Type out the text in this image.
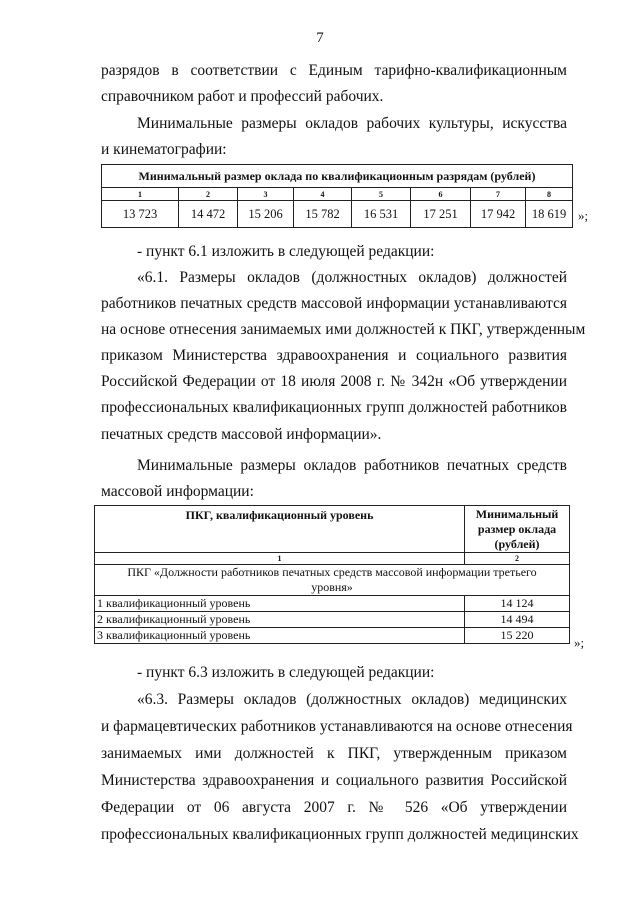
7
разрядов в соответствии с Единым тарифно-квалификационным
справочником работ и профессий рабочих.
Минимальные размеры окладов рабочих культуры, искусства
и кинематографии:
Минимальный размер оклада по квалификационным разрядам (рублей)							
1	2	3	4	5	6	7	8
13 723	14 472	15 206	15 782	16 531	17 251	17 942	18 619 »;
- пункт 6.1 изложить в следующей редакции:
«6.1. Размеры окладов (должностных окладов) должностей
работников печатных средств массовой информации устанавливаются
на основе отнесения занимаемых ими должностей к ПКГ, утвержденным
приказом Министерства здравоохранения и социального развития
Российской Федерации от 18 июля 2008 г. № 342н «Об утверждении
профессиональных квалификационных групп должностей работников
печатных средств массовой информации».
Минимальные размеры окладов работников печатных средств
массовой информации:
ПКГ, квалификационный уровень	Минимальный
размер оклада
(рублей)

1	2

ПКГ «Должности работников печатных средств массовой информации третьего
уровня»	

1 квалификационный уровень	14 124
2 квалификационный уровень	14 494
3 квалификационный уровень	15 220	»;
- пункт 6.3 изложить в следующей редакции:
«6.3. Размеры окладов (должностных окладов) медицинских
и фармацевтических работников устанавливаются на основе отнесения
занимаемых ими должностей к ПКГ, утвержденным приказом
Министерства здравоохранения и социального развития Российской
Федерации от 06 августа 2007 г. № 526 «Об утверждении
профессиональных квалификационных групп должностей медицинских
